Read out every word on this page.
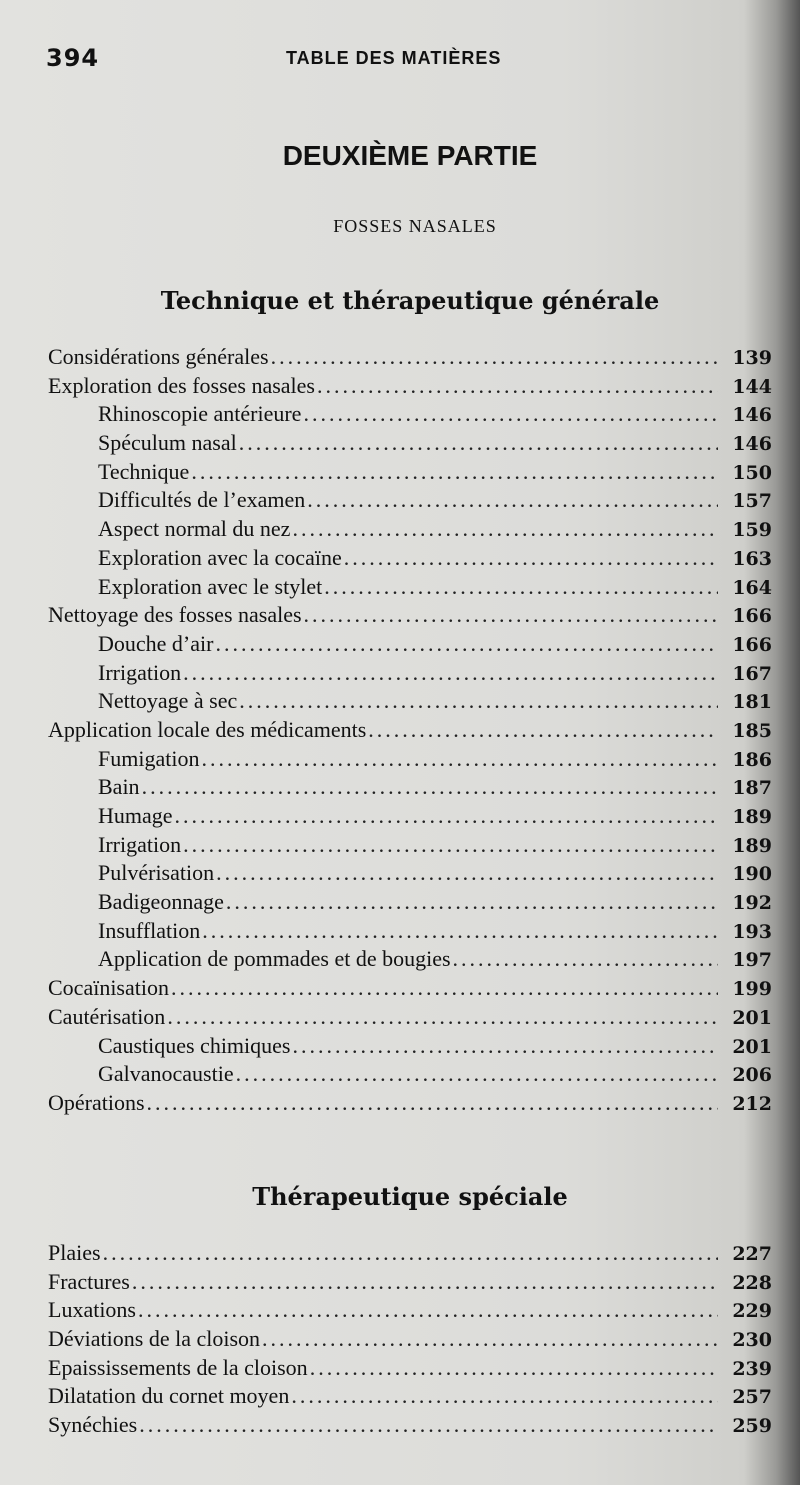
394	TABLE DES MATIÈRES
DEUXIÈME PARTIE
FOSSES NASALES
Technique et thérapeutique générale
Considérations générales .....	139
Exploration des fosses nasales .....	144
Rhinoscopie antérieure .....	146
Spéculum nasal .....	146
Technique .....	150
Difficultés de l’examen .....	157
Aspect normal du nez .....	159
Exploration avec la cocaïne .....	163
Exploration avec le stylet .....	164
Nettoyage des fosses nasales .....	166
Douche d’air .....	166
Irrigation .....	167
Nettoyage à sec .....	181
Application locale des médicaments .....	185
Fumigation .....	186
Bain .....	187
Humage .....	189
Irrigation .....	189
Pulvérisation .....	190
Badigeonnage .....	192
Insufflation .....	193
Application de pommades et de bougies .....	197
Cocaïnisation .....	199
Cautérisation .....	201
Caustiques chimiques .....	201
Galvanocaustie .....	206
Opérations .....	212
Thérapeutique spéciale
Plaies .....	227
Fractures .....	228
Luxations .....	229
Déviations de la cloison .....	230
Epaississements de la cloison .....	239
Dilatation du cornet moyen .....	257
Synéchies .....	259
